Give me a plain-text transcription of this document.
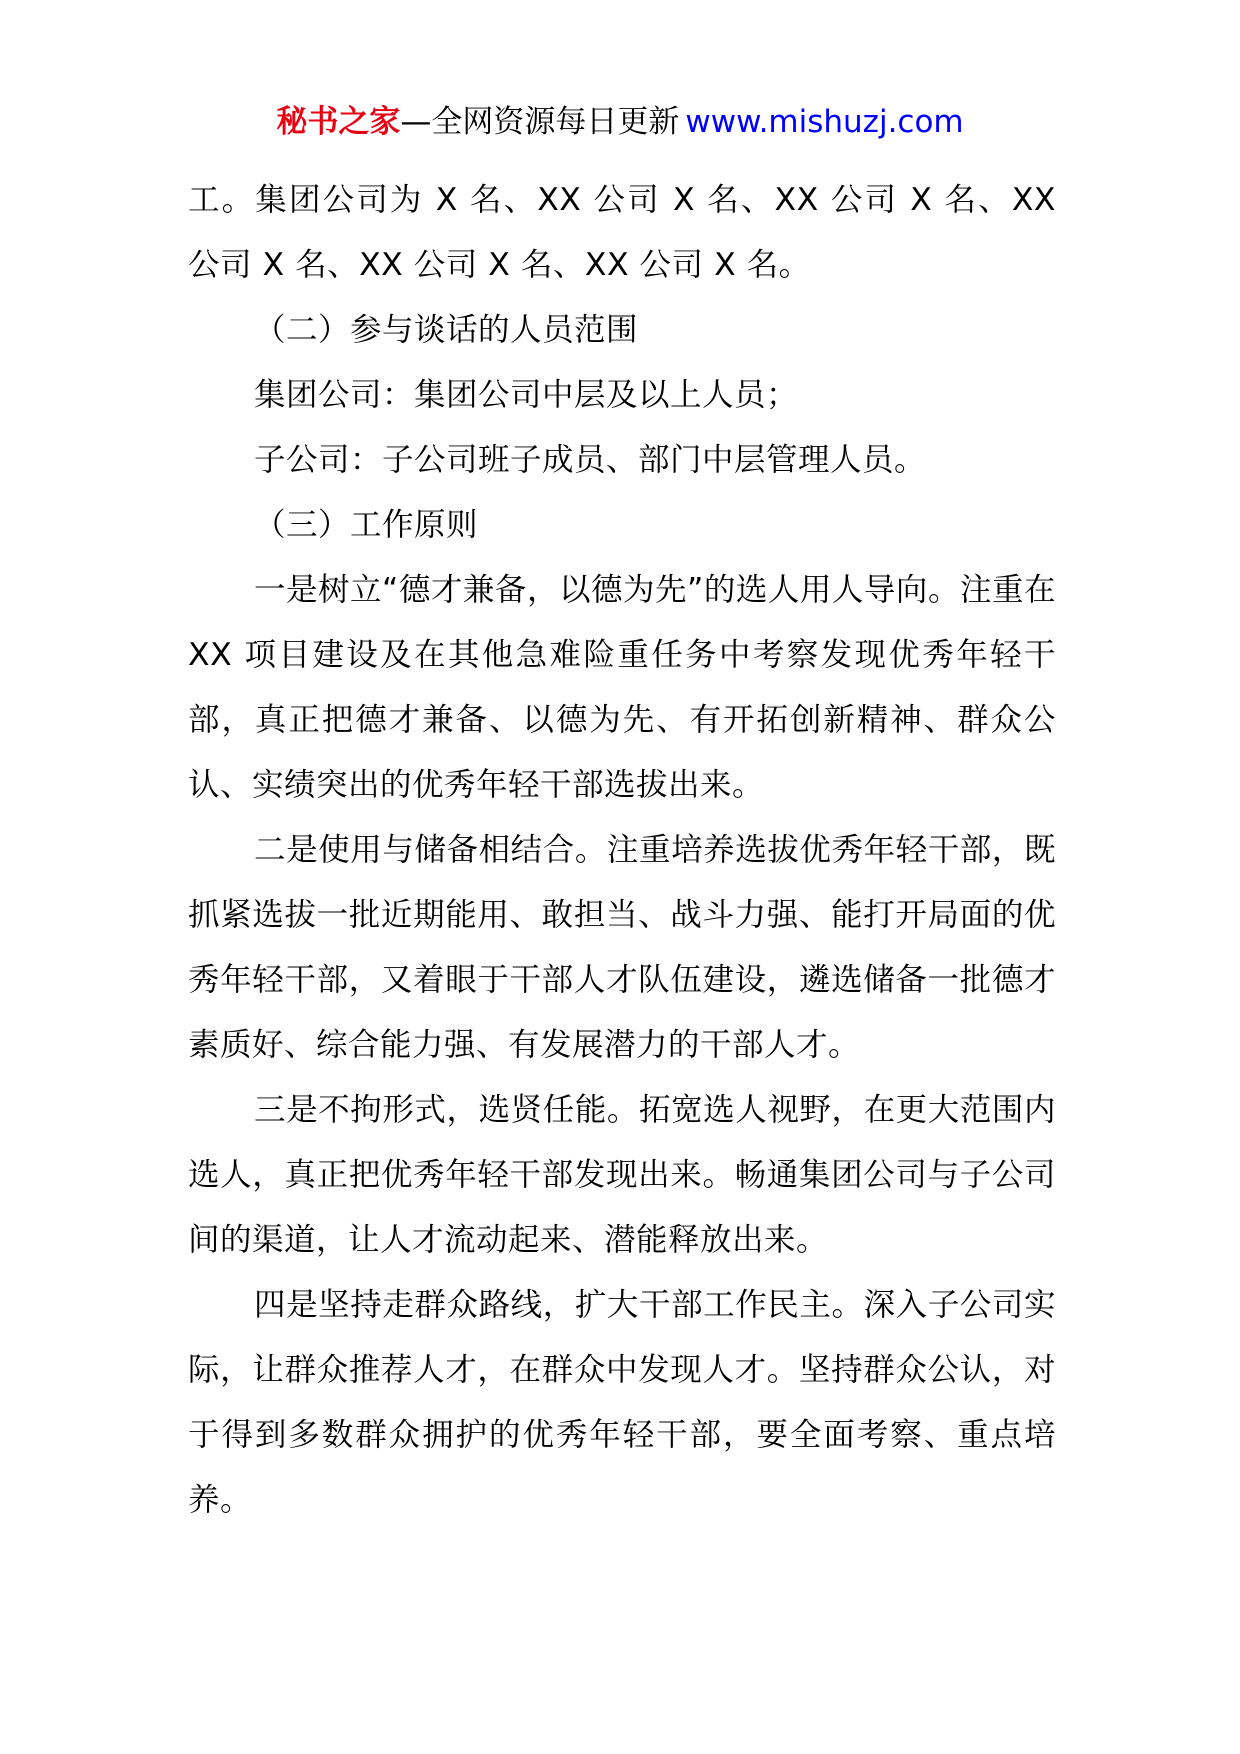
秘书之家—全网资源每日更新 www.mishuzj.com

工。集团公司为 X 名、XX 公司 X 名、XX 公司 X 名、XX 公司 X 名、XX 公司 X 名、XX 公司 X 名。

（二）参与谈话的人员范围

集团公司：集团公司中层及以上人员；

子公司：子公司班子成员、部门中层管理人员。

（三）工作原则

一是树立“德才兼备，以德为先”的选人用人导向。注重在 XX 项目建设及在其他急难险重任务中考察发现优秀年轻干部，真正把德才兼备、以德为先、有开拓创新精神、群众公认、实绩突出的优秀年轻干部选拔出来。

二是使用与储备相结合。注重培养选拔优秀年轻干部，既抓紧选拔一批近期能用、敢担当、战斗力强、能打开局面的优秀年轻干部，又着眼于干部人才队伍建设，遴选储备一批德才素质好、综合能力强、有发展潜力的干部人才。

三是不拘形式，选贤任能。拓宽选人视野，在更大范围内选人，真正把优秀年轻干部发现出来。畅通集团公司与子公司间的渠道，让人才流动起来、潜能释放出来。

四是坚持走群众路线，扩大干部工作民主。深入子公司实际，让群众推荐人才，在群众中发现人才。坚持群众公认，对于得到多数群众拥护的优秀年轻干部，要全面考察、重点培养。
